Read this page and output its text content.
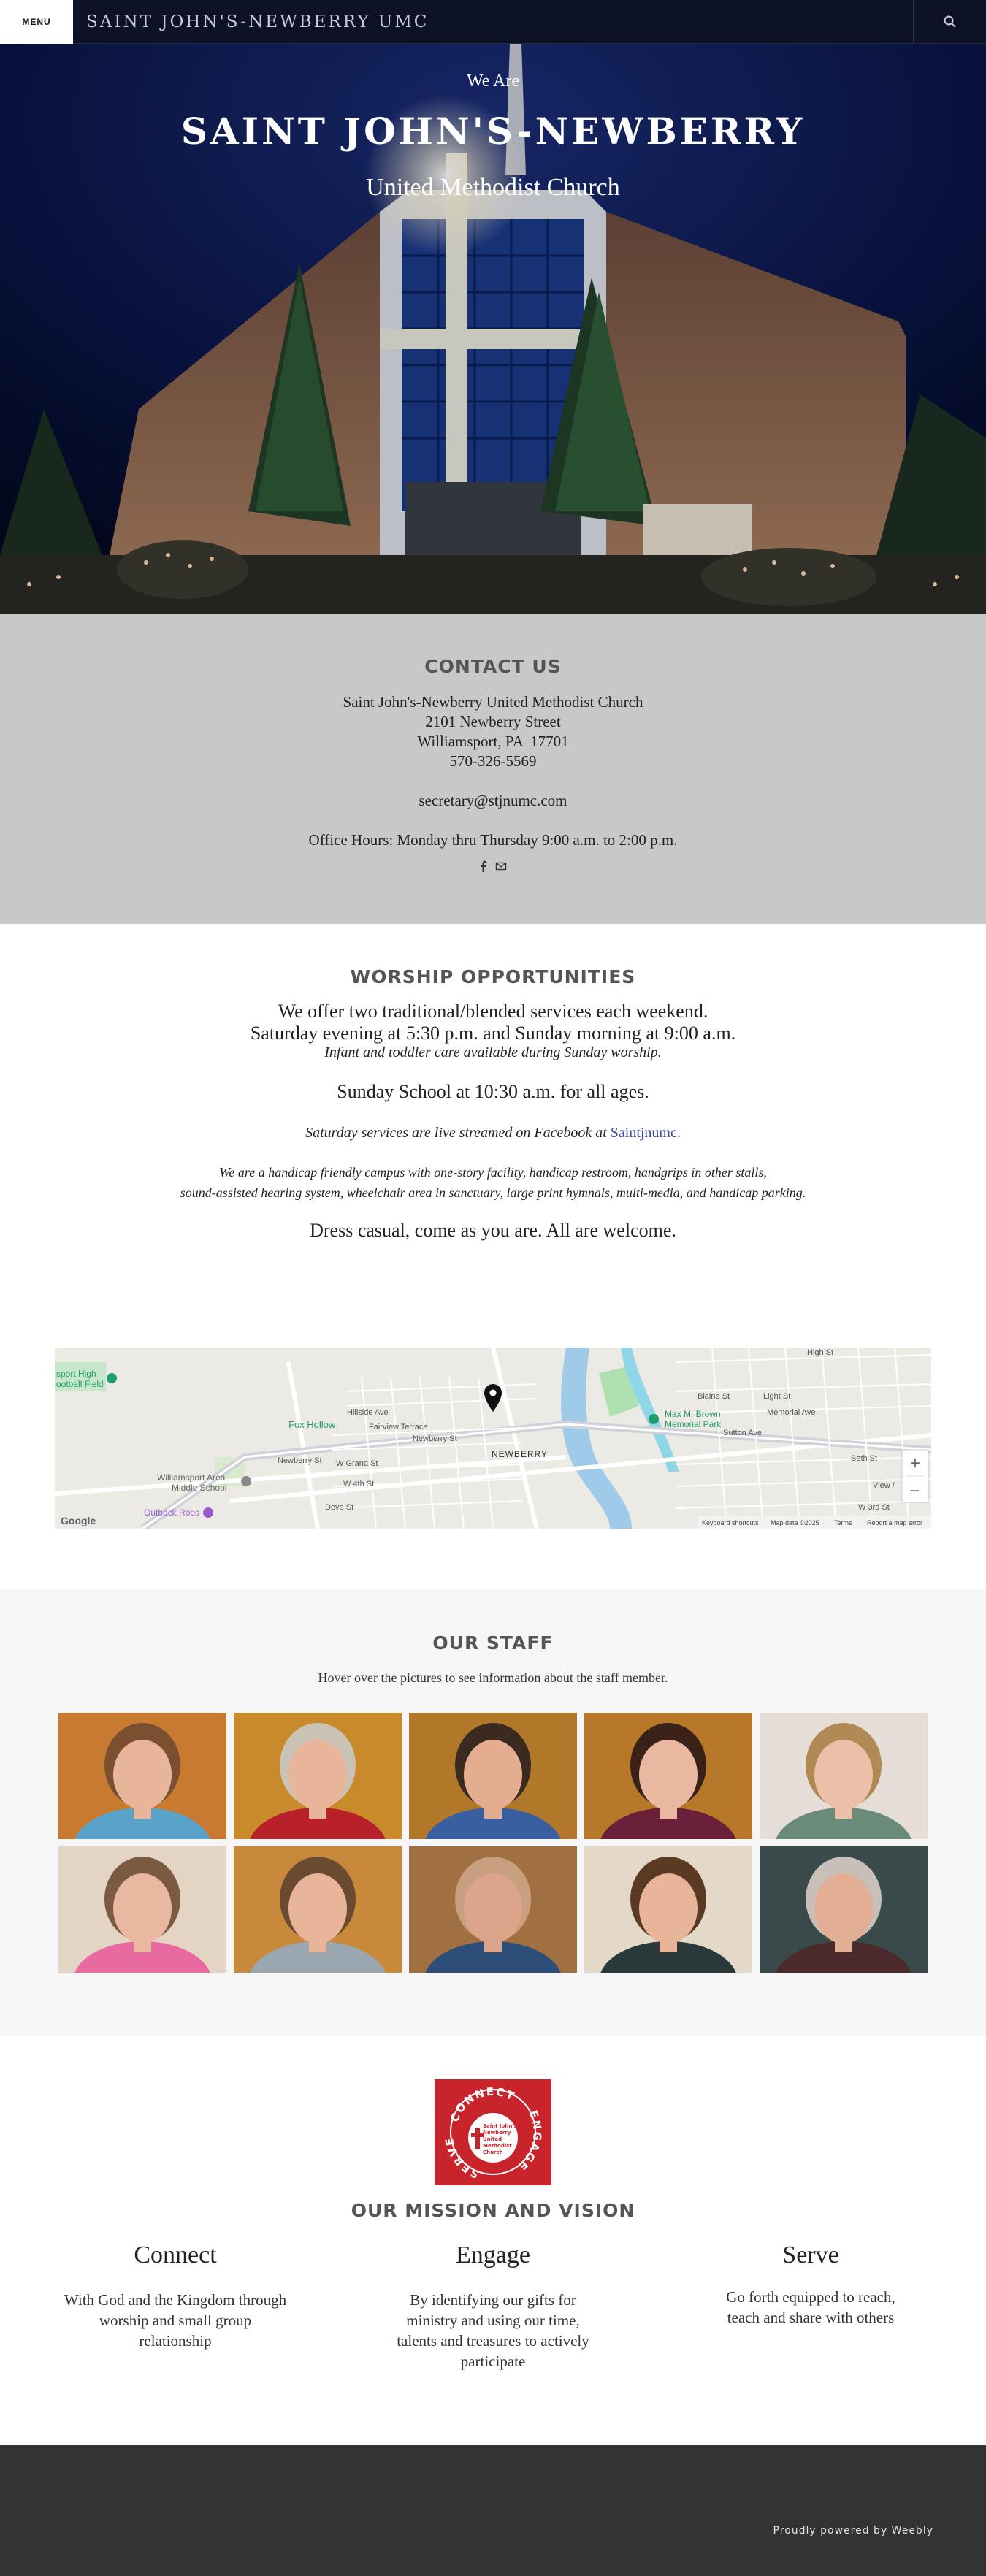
We Are
SAINT JOHN'S-NEWBERRY
United Methodist Church
MENU	SAINT JOHN'S-NEWBERRY UMC
CONTACT US
Saint John's-Newberry United Methodist Church
2101 Newberry Street
Williamsport, PA  17701
570-326-5569
secretary@stjnumc.com
Office Hours: Monday thru Thursday 9:00 a.m. to 2:00 p.m.
WORSHIP OPPORTUNITIES
We offer two traditional/blended services each weekend.
Saturday evening at 5:30 p.m. and Sunday morning at 9:00 a.m.
Infant and toddler care available during Sunday worship.
Sunday School at 10:30 a.m. for all ages.
Saturday services are live streamed on Facebook at Saintjnumc.
We are a handicap friendly campus with one-story facility, handicap restroom, handgrips in other stalls,
sound-assisted hearing system, wheelchair area in sanctuary, large print hymnals, multi-media, and handicap parking.
Dress casual, come as you are. All are welcome.
sport High
ootball Field
Fox Hollow
Hillside Ave
Fairview Terrace
Newberry St
Newberry St W Grand St
W 4th St
Dove St
NEWBERRY
Williamsport Area
Middle School
Outback Roos
Max M. Brown
Memorial Park
Memorial Ave
Sutton Ave
High St
Blaine St
Seth St
Light St
W 3rd St
View /
Google	Keyboard shortcuts Map data ©2025 Terms Report a map error
+
−
OUR STAFF
Hover over the pictures to see information about the staff member.
CONNECT
SERVE
ENGAGE
Saint John's
Newberry
United
Methodist
Church
OUR MISSION AND VISION
Connect
With God and the Kingdom through worship and small group relationship
Engage
By identifying our gifts for ministry and using our time, talents and treasures to actively participate
Serve
Go forth equipped to reach, teach and share with others
Proudly powered by Weebly
